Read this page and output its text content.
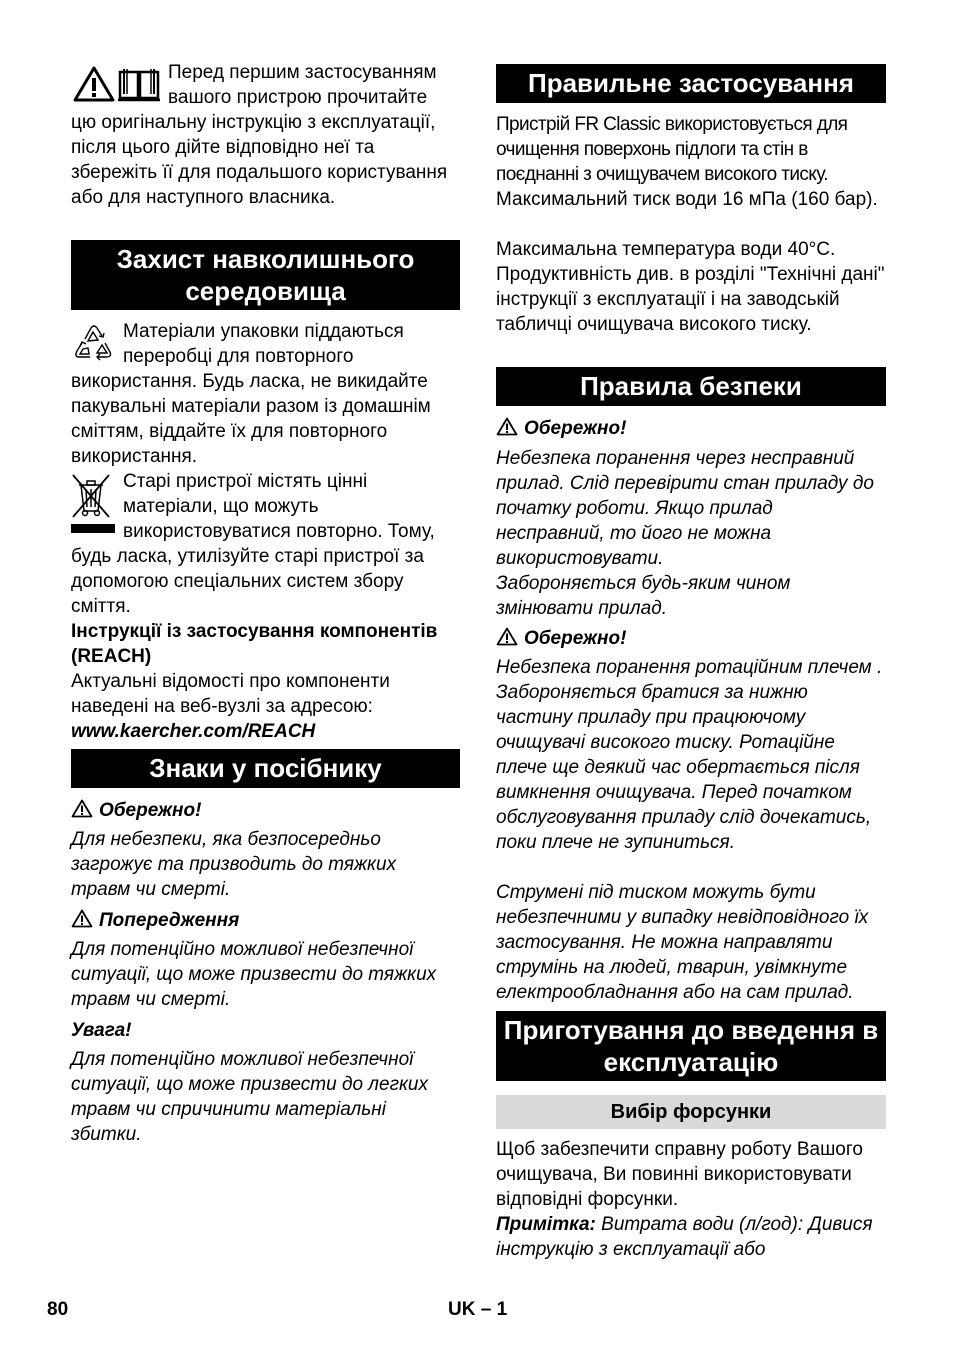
Перед першим застосуванням
вашого пристрою прочитайте
цю оригінальну інструкцію з експлуатації, після цього дійте відповідно неї та збережіть її для подальшого користування або для наступного власника.
Захист навколишнього середовища
Матеріали упаковки піддаються переробці для повторного використання. Будь ласка, не викидайте пакувальні матеріали разом із домашнім сміттям, віддайте їх для повторного використання.
Старі пристрої містять цінні матеріали, що можуть використовуватися повторно. Тому, будь ласка, утилізуйте старі пристрої за допомогою спеціальних систем збору сміття.
Інструкції із застосування компонентів (REACH)
Актуальні відомості про компоненти наведені на веб-вузлі за адресою:
www.kaercher.com/REACH
Знаки у посібнику
Обережно!
Для небезпеки, яка безпосередньо загрожує та призводить до тяжких травм чи смерті.
Попередження
Для потенційно можливої небезпечної ситуації, що може призвести до тяжких травм чи смерті.
Увага!
Для потенційно можливої небезпечної ситуації, що може призвести до легких травм чи спричинити матеріальні збитки.
80
Правильне застосування
Пристрій FR Classic використовується для очищення поверхонь підлоги та стін в поєднанні з очищувачем високого тиску.
Максимальний тиск води 16 мПа (160 бар).
Максимальна температура води 40°С.
Продуктивність див. в розділі "Технічні дані" інструкції з експлуатації і на заводській табличці очищувача високого тиску.
Правила безпеки
Обережно!
Небезпека поранення через несправний прилад. Слід перевірити стан приладу до початку роботи. Якщо прилад несправний, то його не можна використовувати.
Забороняється будь-яким чином змінювати прилад.
Обережно!
Небезпека поранення ротаційним плечем . Забороняється братися за нижню частину приладу при працюючому очищувачі високого тиску. Ротаційне плече ще деякий час обертається після вимкнення очищувача. Перед початком обслуговування приладу слід дочекатись, поки плече не зупиниться.
Струмені під тиском можуть бути небезпечними у випадку невідповідного їх застосування. Не можна направляти струмінь на людей, тварин, увімкнуте електрообладнання або на сам прилад.
Приготування до введення в експлуатацію
Вибір форсунки
Щоб забезпечити справну роботу Вашого очищувача, Ви повинні використовувати відповідні форсунки.
Примітка: Витрата води (л/год): Дивися інструкцію з експлуатації або
UK – 1
